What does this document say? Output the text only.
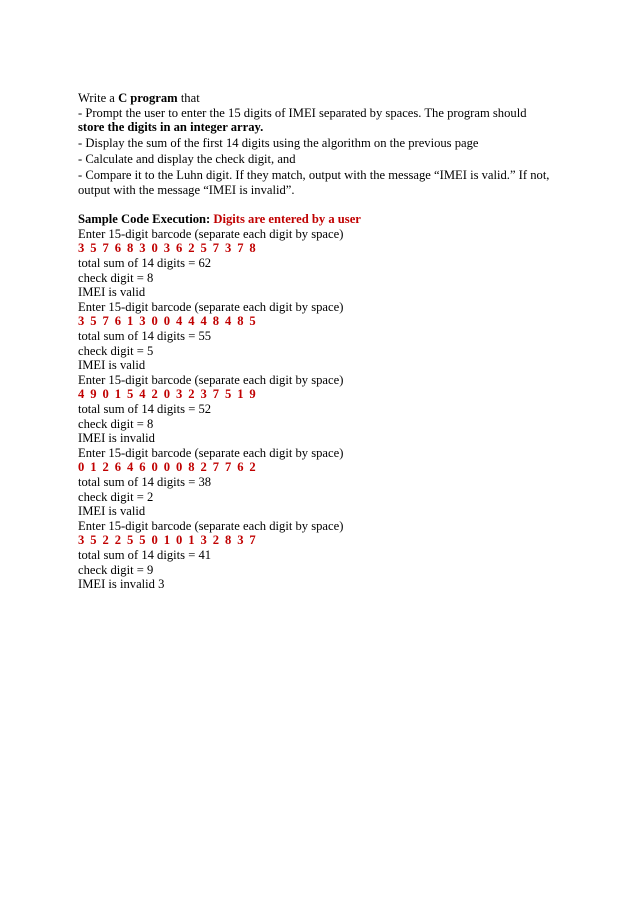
Write a C program that
- Prompt the user to enter the 15 digits of IMEI separated by spaces. The program should
store the digits in an integer array.
- Display the sum of the first 14 digits using the algorithm on the previous page
- Calculate and display the check digit, and
- Compare it to the Luhn digit. If they match, output with the message “IMEI is valid.” If not,
output with the message “IMEI is invalid”.
Sample Code Execution: Digits are entered by a user
Enter 15-digit barcode (separate each digit by space)
3 5 7 6 8 3 0 3 6 2 5 7 3 7 8
total sum of 14 digits = 62
check digit = 8
IMEI is valid
Enter 15-digit barcode (separate each digit by space)
3 5 7 6 1 3 0 0 4 4 4 8 4 8 5
total sum of 14 digits = 55
check digit = 5
IMEI is valid
Enter 15-digit barcode (separate each digit by space)
4 9 0 1 5 4 2 0 3 2 3 7 5 1 9
total sum of 14 digits = 52
check digit = 8
IMEI is invalid
Enter 15-digit barcode (separate each digit by space)
0 1 2 6 4 6 0 0 0 8 2 7 7 6 2
total sum of 14 digits = 38
check digit = 2
IMEI is valid
Enter 15-digit barcode (separate each digit by space)
3 5 2 2 5 5 0 1 0 1 3 2 8 3 7
total sum of 14 digits = 41
check digit = 9
IMEI is invalid 3
